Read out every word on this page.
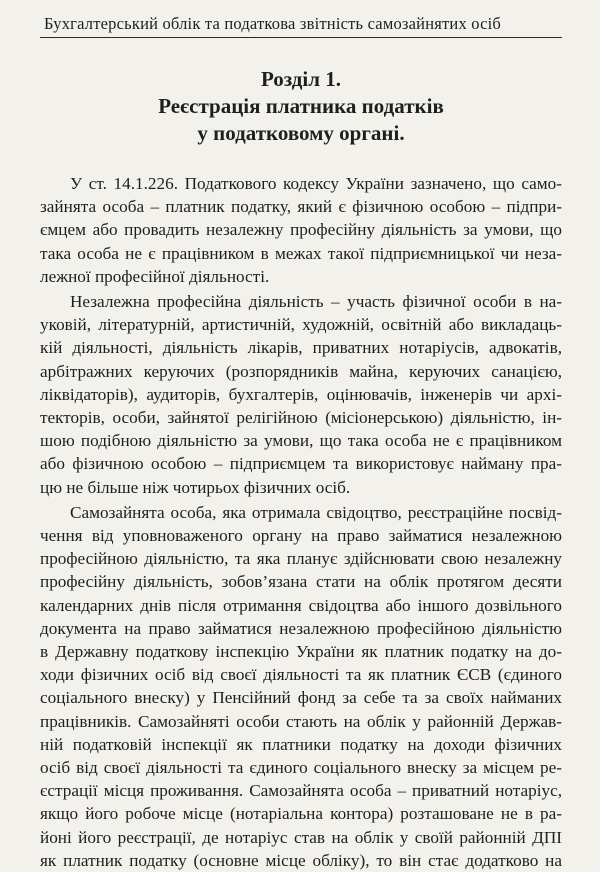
Бухгалтерський облік та податкова звітність самозайнятих осіб
Розділ 1.
Реєстрація платника податків
у податковому органі.

У ст. 14.1.226. Податкового кодексу України зазначено, що само-
зайнята особа – платник податку, який є фізичною особою – підпри-
ємцем або провадить незалежну професійну діяльність за умови, що
така особа не є працівником в межах такої підприємницької чи неза-
лежної професійної діяльності.

Незалежна професійна діяльність – участь фізичної особи в на-
уковій, літературній, артистичній, художній, освітній або викладаць-
кій діяльності, діяльність лікарів, приватних нотаріусів, адвокатів,
арбітражних керуючих (розпорядників майна, керуючих санацією,
ліквідаторів), аудиторів, бухгалтерів, оцінювачів, інженерів чи архі-
текторів, особи, зайнятої релігійною (місіонерською) діяльністю, ін-
шою подібною діяльністю за умови, що така особа не є працівником
або фізичною особою – підприємцем та використовує найману пра-
цю не більше ніж чотирьох фізичних осіб.

Самозайнята особа, яка отримала свідоцтво, реєстраційне посвід-
чення від уповноваженого органу на право займатися незалежною
професійною діяльністю, та яка планує здійснювати свою незалежну
професійну діяльність, зобов’язана стати на облік протягом десяти
календарних днів після отримання свідоцтва або іншого дозвільного
документа на право займатися незалежною професійною діяльністю
в Державну податкову інспекцію України як платник податку на до-
ходи фізичних осіб від своєї діяльності та як платник ЄСВ (єдиного
соціального внеску) у Пенсійний фонд за себе та за своїх найманих
працівників. Самозайняті особи стають на облік у районній Держав-
ній податковій інспекції як платники податку на доходи фізичних
осіб від своєї діяльності та єдиного соціального внеску за місцем ре-
єстрації місця проживання. Самозайнята особа – приватний нотаріус,
якщо його робоче місце (нотаріальна контора) розташоване не в ра-
йоні його реєстрації, де нотаріус став на облік у своїй районній ДПІ
як платник податку (основне місце обліку), то він стає додатково на
